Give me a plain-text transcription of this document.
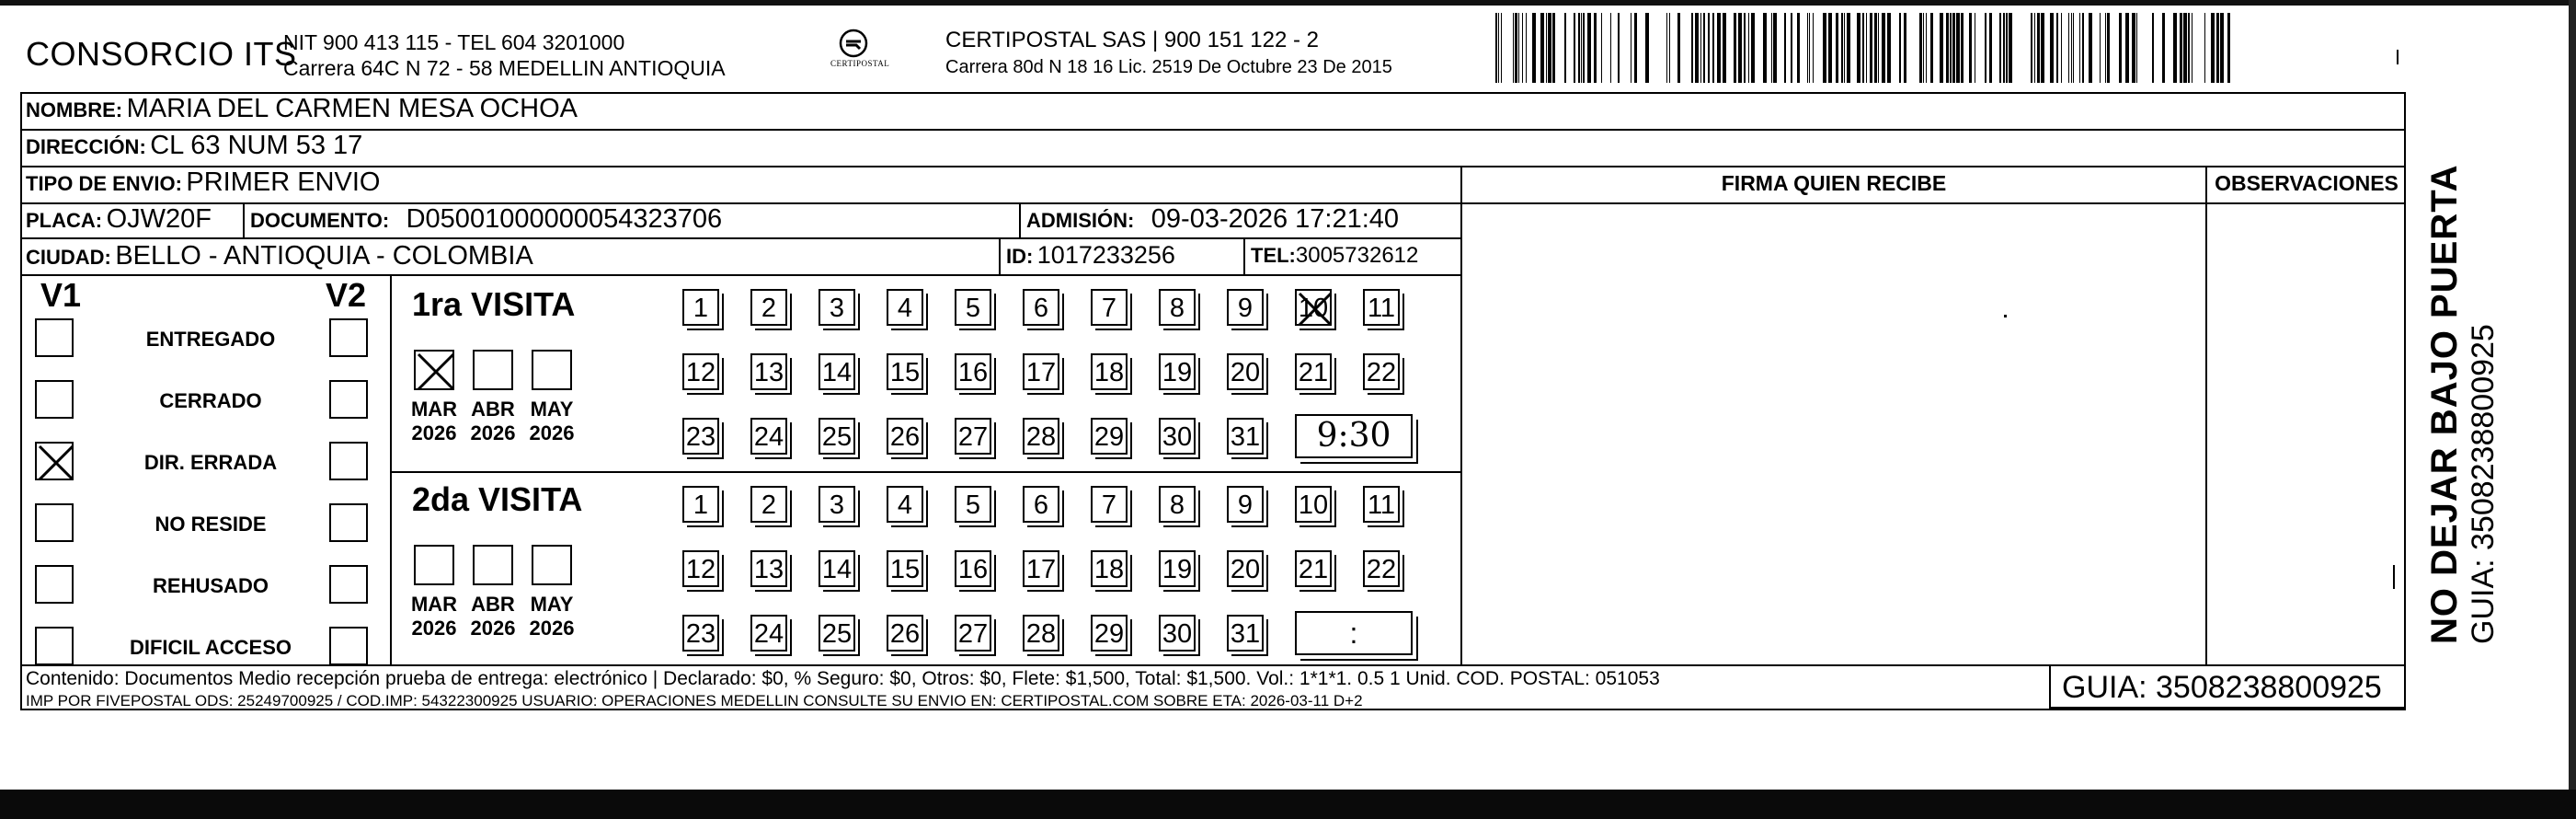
CONSORCIO ITS
NIT 900 413 115 - TEL 604 3201000
Carrera 64C N 72 - 58 MEDELLIN ANTIOQUIA	CERTIPOSTAL
CERTIPOSTAL SAS | 900 151 122 - 2
Carrera 80d N 18 16 Lic. 2519 De Octubre 23 De 2015
NOMBRE: MARIA DEL CARMEN MESA OCHOA
DIRECCIÓN: CL 63 NUM 53 17
TIPO DE ENVIO: PRIMER ENVIO
PLACA: OJW20F DOCUMENTO: D05001000000054323706	ADMISIÓN: 09-03-2026 17:21:40
CIUDAD: BELLO - ANTIOQUIA - COLOMBIA	ID: 1017233256	TEL:3005732612
FIRMA QUIEN RECIBE	OBSERVACIONES
V1	V2
ENTREGADO
CERRADO
DIR. ERRADA
NO RESIDE
REHUSADO
DIFICIL ACCESO
1ra VISITA
MAR
2026
ABR
2026
MAY
2026
1	2	3	4	5	6	7	8	9	10 11
12 13 14 15 16 17 18 19 20 21 22
23 24 25 26 27 28 29 30 31	9:30
2da VISITA
MAR
2026
ABR
2026
MAY
2026
1	2	3	4	5	6	7	8	9	10 11
12 13 14 15 16 17 18 19 20 21 22
23 24 25 26 27 28 29 30 31	:
Contenido: Documentos Medio recepción prueba de entrega: electrónico | Declarado: $0, % Seguro: $0, Otros: $0, Flete: $1,500, Total: $1,500. Vol.: 1*1*1. 0.5 1 Unid. COD. POSTAL: 051053
IMP POR FIVEPOSTAL ODS: 25249700925 / COD.IMP: 54322300925 USUARIO: OPERACIONES MEDELLIN CONSULTE SU ENVIO EN: CERTIPOSTAL.COM SOBRE ETA: 2026-03-11 D+2	GUIA: 3508238800925
NO DEJAR BAJO PUERTA GUIA: 3508238800925
